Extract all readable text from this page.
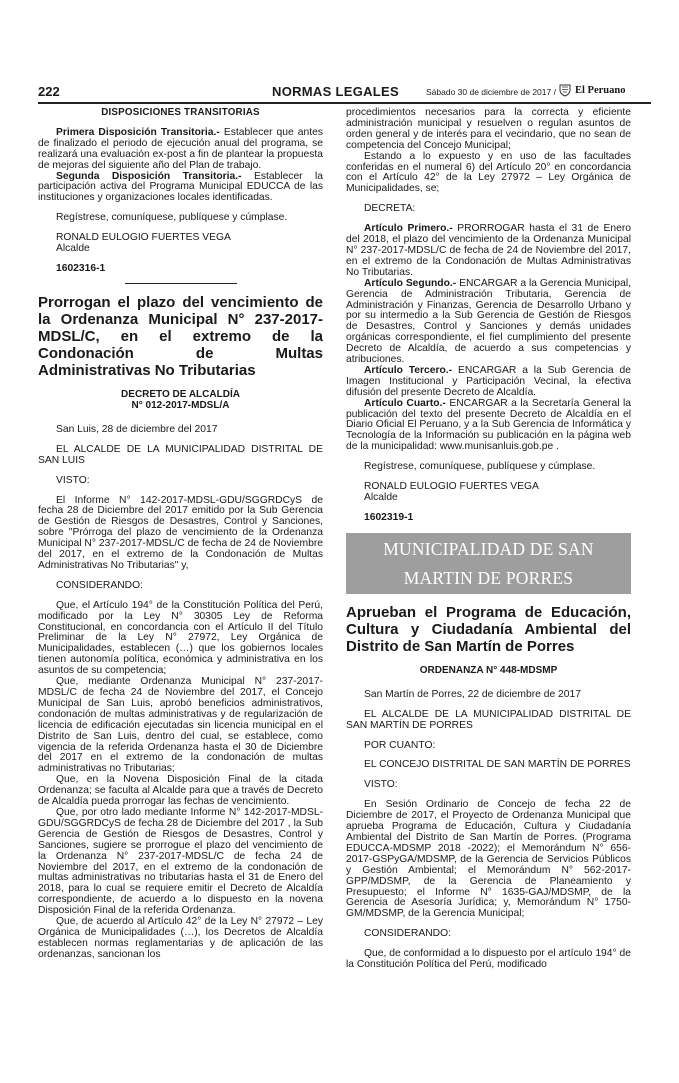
222	NORMAS LEGALES	Sábado 30 de diciembre de 2017 / El Peruano
DISPOSICIONES TRANSITORIAS

Primera Disposición Transitoria.- Establecer que antes de finalizado el periodo de ejecución anual del programa, se realizará una evaluación ex-post a fin de plantear la propuesta de mejoras del siguiente año del Plan de trabajo.

Segunda Disposición Transitoria.- Establecer la participación activa del Programa Municipal EDUCCA de las instituciones y organizaciones locales identificadas.

Regístrese, comuníquese, publíquese y cúmplase.

RONALD EULOGIO FUERTES VEGA

Alcalde

1602316-1

Prorrogan el plazo del vencimiento de la Ordenanza Municipal N° 237-2017-MDSL/C, en el extremo de la Condonación de Multas Administrativas No Tributarias
DECRETO DE ALCALDÍA
N° 012-2017-MDSL/A

San Luis, 28 de diciembre del 2017

EL ALCALDE DE LA MUNICIPALIDAD DISTRITAL DE SAN LUIS

VISTO:

El Informe N° 142-2017-MDSL-GDU/SGGRDCyS de fecha 28 de Diciembre del 2017 emitido por la Sub Gerencia de Gestión de Riesgos de Desastres, Control y Sanciones, sobre "Prórroga del plazo de vencimiento de la Ordenanza Municipal N° 237-2017-MDSL/C de fecha de 24 de Noviembre del 2017, en el extremo de la Condonación de Multas Administrativas No Tributarias" y,

CONSIDERANDO:

Que, el Artículo 194° de la Constitución Política del Perú, modificado por la Ley N° 30305 Ley de Reforma Constitucional, en concordancia con el Artículo II del Título Preliminar de la Ley N° 27972, Ley Orgánica de Municipalidades, establecen (…) que los gobiernos locales tienen autonomía política, económica y administrativa en los asuntos de su competencia;

Que, mediante Ordenanza Municipal N° 237-2017-MDSL/C de fecha 24 de Noviembre del 2017, el Concejo Municipal de San Luis, aprobó beneficios administrativos, condonación de multas administrativas y de regularización de licencia de edificación ejecutadas sin licencia municipal en el Distrito de San Luis, dentro del cual, se establece, como vigencia de la referida Ordenanza hasta el 30 de Diciembre del 2017 en el extremo de la condonación de multas administrativas no Tributarias;

Que, en la Novena Disposición Final de la citada Ordenanza; se faculta al Alcalde para que a través de Decreto de Alcaldía pueda prorrogar las fechas de vencimiento.

Que, por otro lado mediante Informe N° 142-2017-MDSL-GDU/SGGRDCyS de fecha 28 de Diciembre del 2017 , la Sub Gerencia de Gestión de Riesgos de Desastres, Control y Sanciones, sugiere se prorrogue el plazo del vencimiento de la Ordenanza N° 237-2017-MDSL/C de fecha 24 de Noviembre del 2017, en el extremo de la condonación de multas administrativas no tributarias hasta el 31 de Enero del 2018, para lo cual se requiere emitir el Decreto de Alcaldía correspondiente, de acuerdo a lo dispuesto en la novena Disposición Final de la referida Ordenanza.

Que, de acuerdo al Artículo 42° de la Ley N° 27972 – Ley Orgánica de Municipalidades (…), los Decretos de Alcaldía establecen normas reglamentarias y de aplicación de las ordenanzas, sancionan los

procedimientos necesarios para la correcta y eficiente administración municipal y resuelven o regulan asuntos de orden general y de interés para el vecindario, que no sean de competencia del Concejo Municipal;

Estando a lo expuesto y en uso de las facultades conferidas en el numeral 6) del Artículo 20° en concordancia con el Artículo 42° de la Ley 27972 – Ley Orgánica de Municipalidades, se;

DECRETA:

Artículo Primero.- PRORROGAR hasta el 31 de Enero del 2018, el plazo del vencimiento de la Ordenanza Municipal N° 237-2017-MDSL/C de fecha de 24 de Noviembre del 2017, en el extremo de la Condonación de Multas Administrativas No Tributarias.

Artículo Segundo.- ENCARGAR a la Gerencia Municipal, Gerencia de Administración Tributaria, Gerencia de Administración y Finanzas, Gerencia de Desarrollo Urbano y por su intermedio a la Sub Gerencia de Gestión de Riesgos de Desastres, Control y Sanciones y demás unidades orgánicas correspondiente, el fiel cumplimiento del presente Decreto de Alcaldía, de acuerdo a sus competencias y atribuciones.

Artículo Tercero.- ENCARGAR a la Sub Gerencia de Imagen Institucional y Participación Vecinal, la efectiva difusión del presente Decreto de Alcaldía.

Artículo Cuarto.- ENCARGAR a la Secretaría General la publicación del texto del presente Decreto de Alcaldía en el Diario Oficial El Peruano, y a la Sub Gerencia de Informática y Tecnología de la Información su publicación en la página web de la municipalidad: www.munisanluis.gob.pe .

Regístrese, comuníquese, publíquese y cúmplase.

RONALD EULOGIO FUERTES VEGA

Alcalde

1602319-1

MUNICIPALIDAD DE SAN
MARTIN DE PORRES
Aprueban el Programa de Educación, Cultura y Ciudadanía Ambiental del Distrito de San Martín de Porres
ORDENANZA N° 448-MDSMP

San Martín de Porres, 22 de diciembre de 2017

EL ALCALDE DE LA MUNICIPALIDAD DISTRITAL DE SAN MARTÍN DE PORRES

POR CUANTO:

EL CONCEJO DISTRITAL DE SAN MARTÍN DE PORRES

VISTO:

En Sesión Ordinario de Concejo de fecha 22 de Diciembre de 2017, el Proyecto de Ordenanza Municipal que aprueba Programa de Educación, Cultura y Ciudadanía Ambiental del Distrito de San Martín de Porres. (Programa EDUCCA-MDSMP 2018 -2022); el Memorándum N° 656-2017-GSPyGA/MDSMP, de la Gerencia de Servicios Públicos y Gestión Ambiental; el Memorándum N° 562-2017-GPP/MDSMP, de la Gerencia de Planeamiento y Presupuesto; el Informe N° 1635-GAJ/MDSMP, de la Gerencia de Asesoría Jurídica; y, Memorándum N° 1750-GM/MDSMP, de la Gerencia Municipal;

CONSIDERANDO:

Que, de conformidad a lo dispuesto por el artículo 194° de la Constitución Política del Perú, modificado
